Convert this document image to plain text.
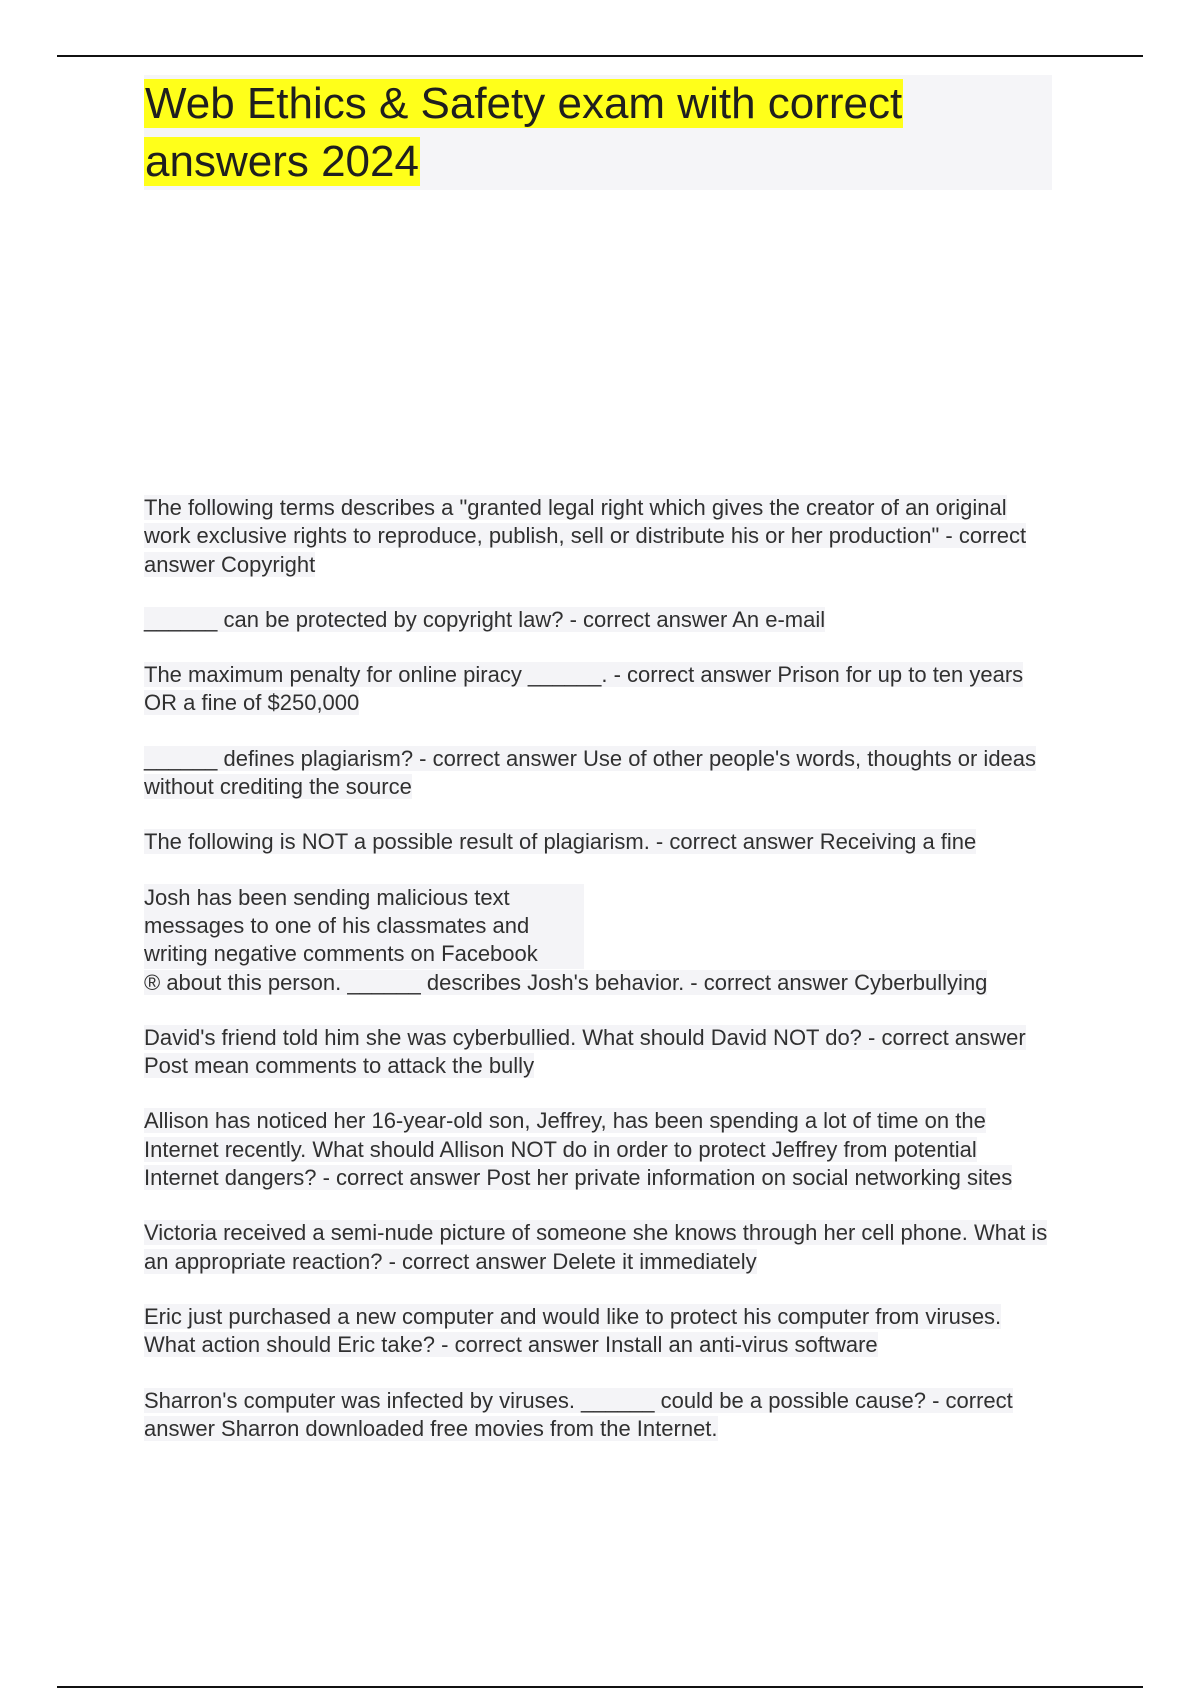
Web Ethics & Safety exam with correct answers 2024
The following terms describes a "granted legal right which gives the creator of an original work exclusive rights to reproduce, publish, sell or distribute his or her production" - correct answer Copyright
______ can be protected by copyright law? - correct answer An e-mail
The maximum penalty for online piracy ______. - correct answer Prison for up to ten years OR a fine of $250,000
______ defines plagiarism? - correct answer Use of other people's words, thoughts or ideas without crediting the source
The following is NOT a possible result of plagiarism. - correct answer Receiving a fine
Josh has been sending malicious text messages to one of his classmates and writing negative comments on Facebook
® about this person. ______ describes Josh's behavior. - correct answer Cyberbullying
David's friend told him she was cyberbullied. What should David NOT do? - correct answer Post mean comments to attack the bully
Allison has noticed her 16-year-old son, Jeffrey, has been spending a lot of time on the Internet recently. What should Allison NOT do in order to protect Jeffrey from potential Internet dangers? - correct answer Post her private information on social networking sites
Victoria received a semi-nude picture of someone she knows through her cell phone. What is an appropriate reaction? - correct answer Delete it immediately
Eric just purchased a new computer and would like to protect his computer from viruses. What action should Eric take? - correct answer Install an anti-virus software
Sharron's computer was infected by viruses. ______ could be a possible cause? - correct answer Sharron downloaded free movies from the Internet.
